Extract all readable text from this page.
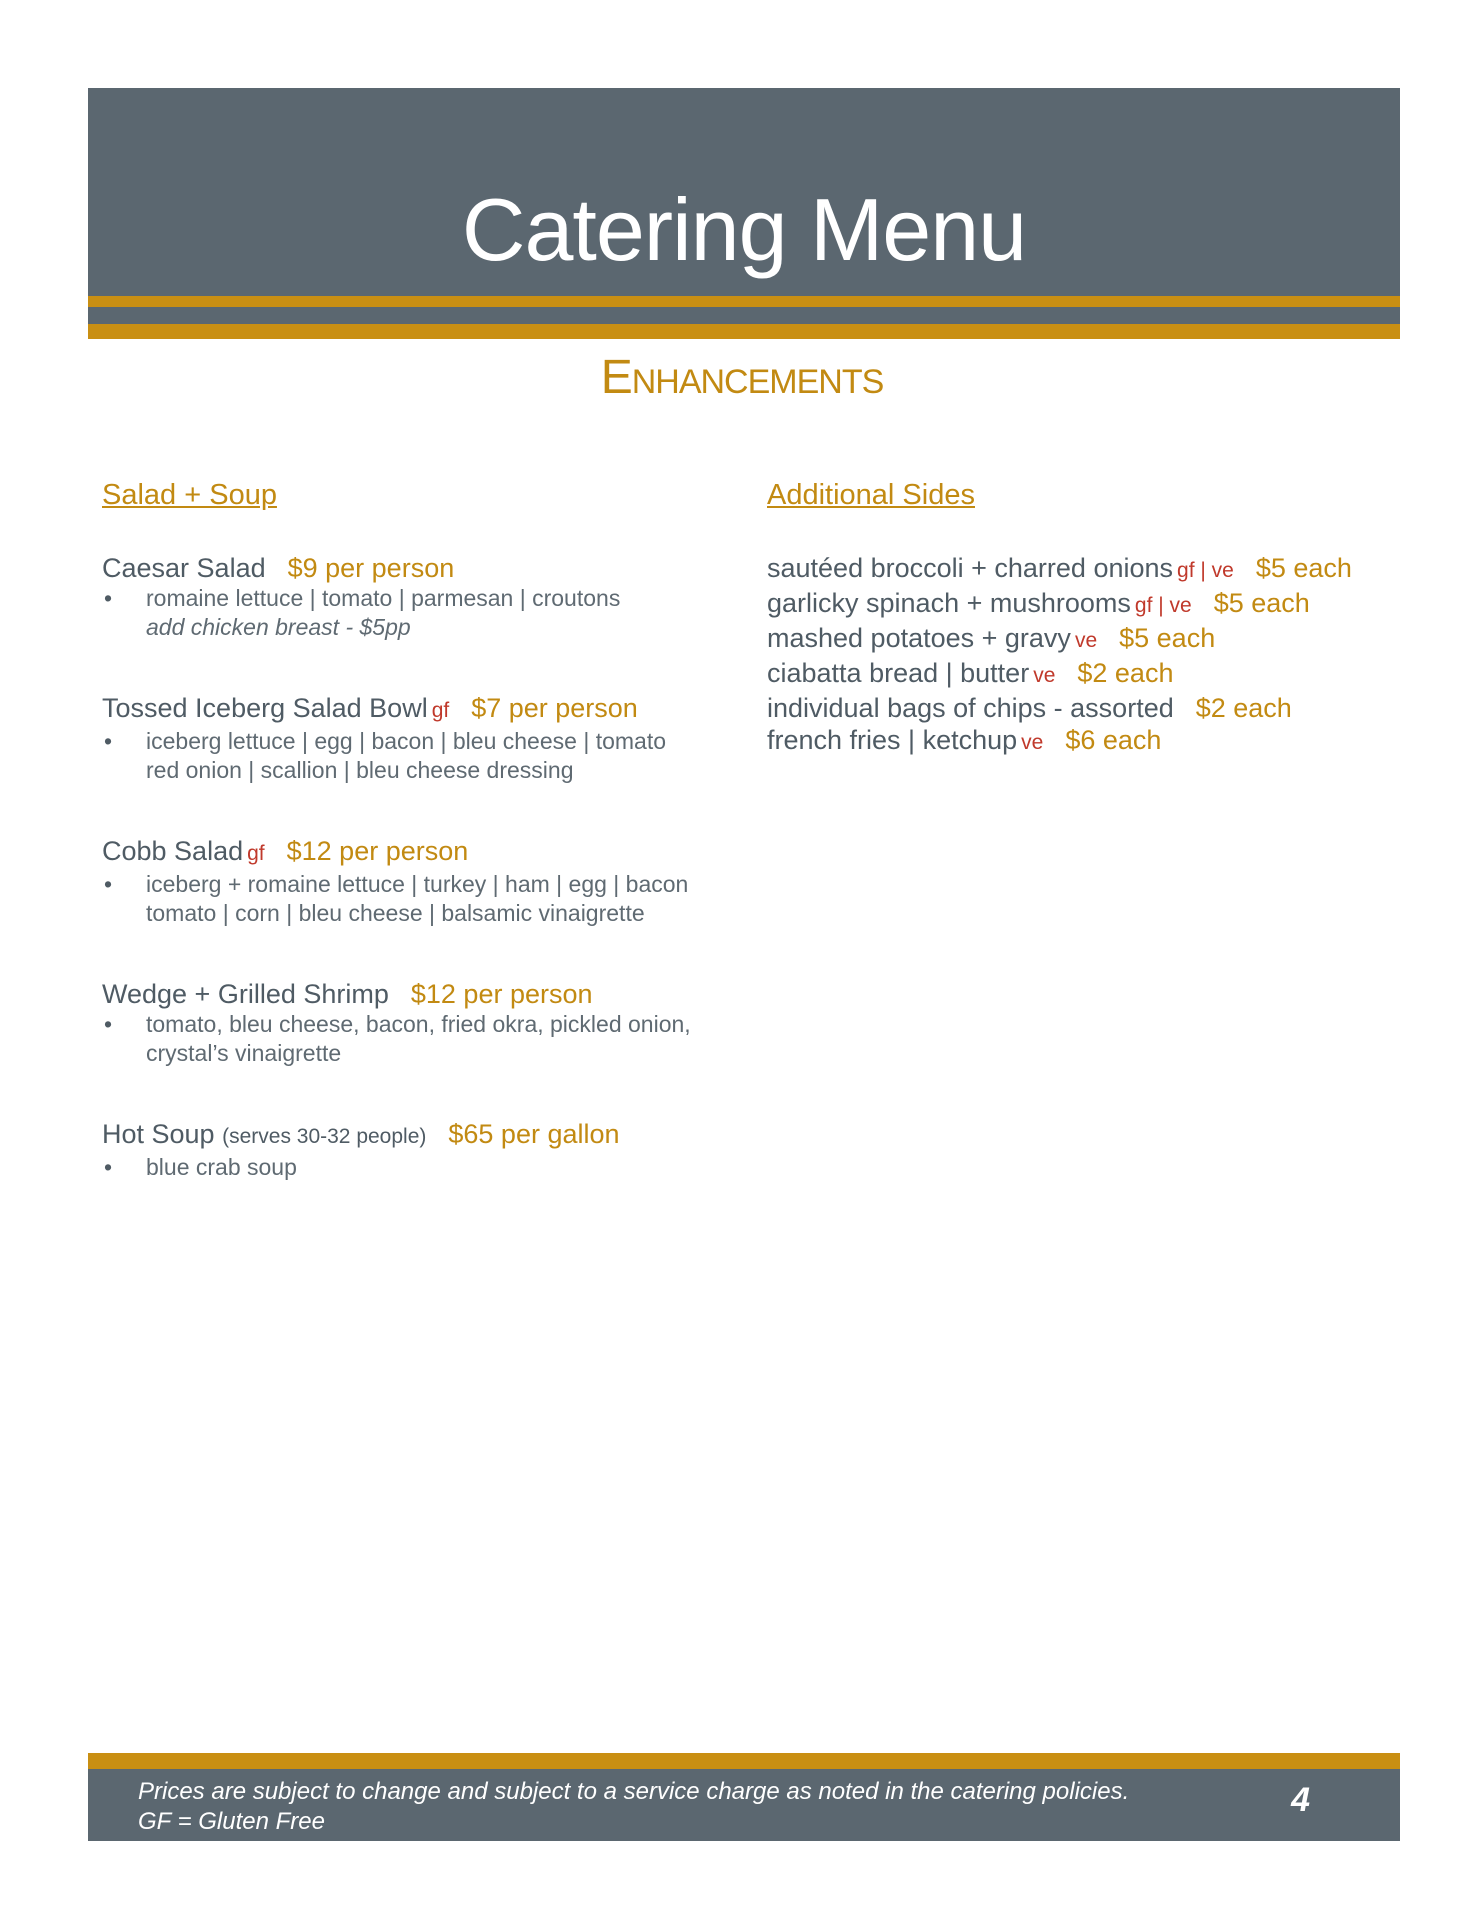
Catering Menu
Enhancements
Salad + Soup
Caesar Salad $9 per person
• romaine lettuce | tomato | parmesan | croutons
add chicken breast - $5pp
Tossed Iceberg Salad Bowl gf $7 per person
• iceberg lettuce | egg | bacon | bleu cheese | tomato
red onion | scallion | bleu cheese dressing
Cobb Salad gf $12 per person
• iceberg + romaine lettuce | turkey | ham | egg | bacon
tomato | corn | bleu cheese | balsamic vinaigrette
Wedge + Grilled Shrimp $12 per person
• tomato, bleu cheese, bacon, fried okra, pickled onion,
crystal’s vinaigrette
Hot Soup (serves 30-32 people) $65 per gallon
• blue crab soup
Additional Sides
sautéed broccoli + charred onions gf | ve $5 each
garlicky spinach + mushrooms gf | ve $5 each
mashed potatoes + gravy ve $5 each
ciabatta bread | butter ve $2 each
individual bags of chips - assorted $2 each
french fries | ketchup ve $6 each
Prices are subject to change and subject to a service charge as noted in the catering policies.
GF = Gluten Free
4
